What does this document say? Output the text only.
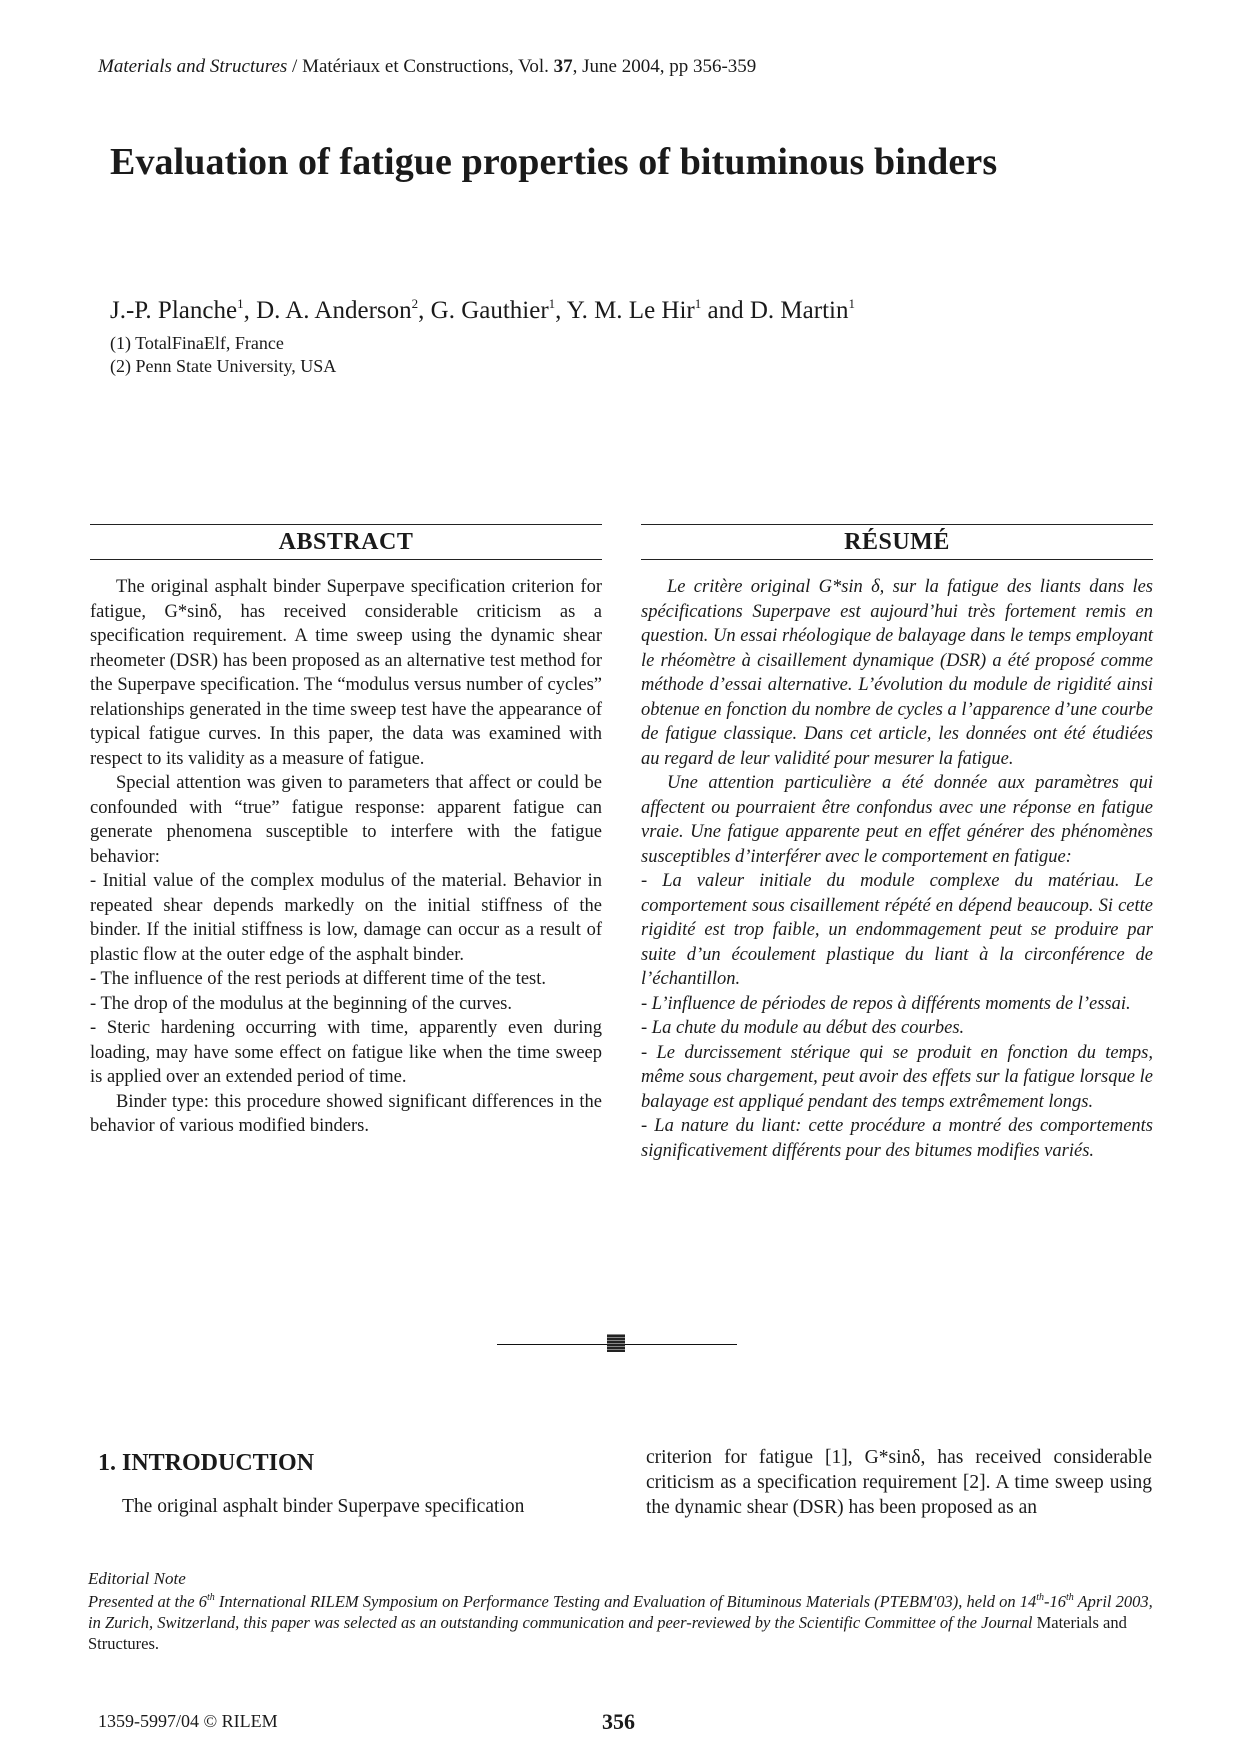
Materials and Structures / Matériaux et Constructions, Vol. 37, June 2004, pp 356-359
Evaluation of fatigue properties of bituminous binders
J.-P. Planche$^1$, D. A. Anderson$^2$, G. Gauthier$^1$, Y. M. Le Hir$^1$ and D. Martin$^1$
(1) TotalFinaElf, France
(2) Penn State University, USA
ABSTRACT

The original asphalt binder Superpave specification criterion for fatigue, G*sinδ, has received considerable criticism as a specification requirement. A time sweep using the dynamic shear rheometer (DSR) has been proposed as an alternative test method for the Superpave specification. The “modulus versus number of cycles” relationships generated in the time sweep test have the appearance of typical fatigue curves. In this paper, the data was examined with respect to its validity as a measure of fatigue.

Special attention was given to parameters that affect or could be confounded with “true” fatigue response: apparent fatigue can generate phenomena susceptible to interfere with the fatigue behavior:

- Initial value of the complex modulus of the material. Behavior in repeated shear depends markedly on the initial stiffness of the binder. If the initial stiffness is low, damage can occur as a result of plastic flow at the outer edge of the asphalt binder.

- The influence of the rest periods at different time of the test.

- The drop of the modulus at the beginning of the curves.

- Steric hardening occurring with time, apparently even during loading, may have some effect on fatigue like when the time sweep is applied over an extended period of time.

Binder type: this procedure showed significant differences in the behavior of various modified binders.

RÉSUMÉ

Le critère original G*sin δ, sur la fatigue des liants dans les spécifications Superpave est aujourd’hui très fortement remis en question. Un essai rhéologique de balayage dans le temps employant le rhéomètre à cisaillement dynamique (DSR) a été proposé comme méthode d’essai alternative. L’évolution du module de rigidité ainsi obtenue en fonction du nombre de cycles a l’apparence d’une courbe de fatigue classique. Dans cet article, les données ont été étudiées au regard de leur validité pour mesurer la fatigue.

Une attention particulière a été donnée aux paramètres qui affectent ou pourraient être confondus avec une réponse en fatigue vraie. Une fatigue apparente peut en effet générer des phénomènes susceptibles d’interférer avec le comportement en fatigue:

- La valeur initiale du module complexe du matériau. Le comportement sous cisaillement répété en dépend beaucoup. Si cette rigidité est trop faible, un endommagement peut se produire par suite d’un écoulement plastique du liant à la circonférence de l’échantillon.

- L’influence de périodes de repos à différents moments de l’essai.

- La chute du module au début des courbes.

- Le durcissement stérique qui se produit en fonction du temps, même sous chargement, peut avoir des effets sur la fatigue lorsque le balayage est appliqué pendant des temps extrêmement longs.

- La nature du liant: cette procédure a montré des comportements significativement différents pour des bitumes modifies variés.

1. INTRODUCTION
The original asphalt binder Superpave specification
criterion for fatigue [1], G*sinδ, has received considerable criticism as a specification requirement [2]. A time sweep using the dynamic shear (DSR) has been proposed as an
Editorial Note
Presented at the 6th International RILEM Symposium on Performance Testing and Evaluation of Bituminous Materials (PTEBM'03), held on 14th-16th April 2003, in Zurich, Switzerland, this paper was selected as an outstanding communication and peer-reviewed by the Scientific Committee of the Journal Materials and Structures.
1359-5997/04 © RILEM	356
